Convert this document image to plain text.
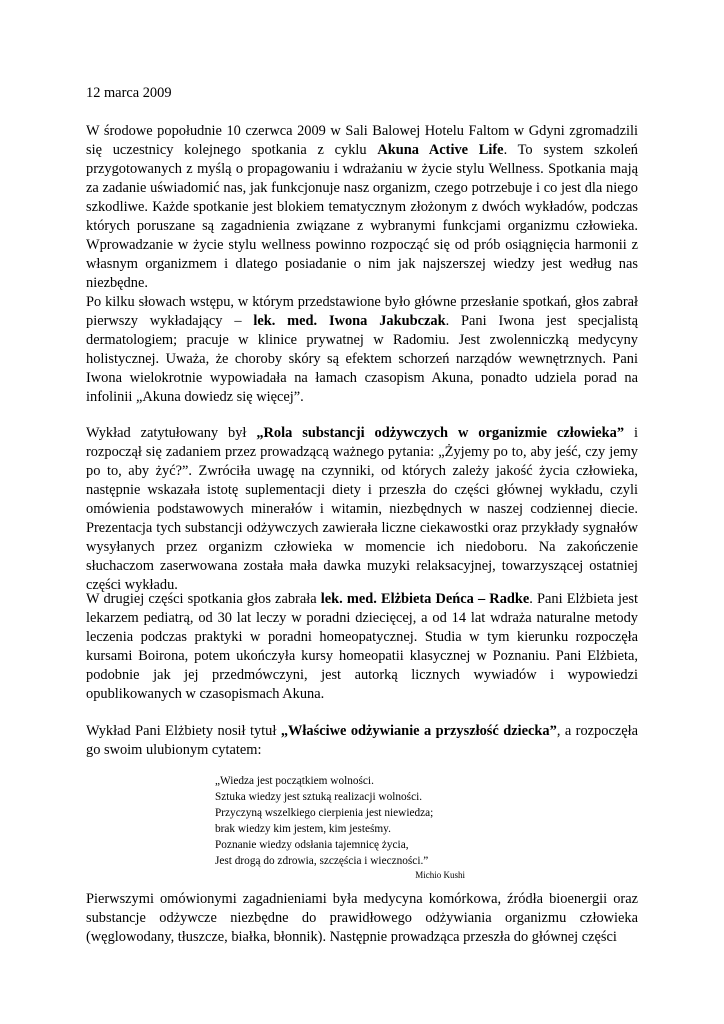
12 marca 2009

W środowe popołudnie 10 czerwca 2009 w Sali Balowej Hotelu Faltom w Gdyni zgromadzili się uczestnicy kolejnego spotkania z cyklu Akuna Active Life. To system szkoleń przygotowanych z myślą o propagowaniu i wdrażaniu w życie stylu Wellness. Spotkania mają za zadanie uświadomić nas, jak funkcjonuje nasz organizm, czego potrzebuje i co jest dla niego szkodliwe. Każde spotkanie jest blokiem tematycznym złożonym z dwóch wykładów, podczas których poruszane są zagadnienia związane z wybranymi funkcjami organizmu człowieka. Wprowadzanie w życie stylu wellness powinno rozpocząć się od prób osiągnięcia harmonii z własnym organizmem i dlatego posiadanie o nim jak najszerszej wiedzy jest według nas niezbędne.

Po kilku słowach wstępu, w którym przedstawione było główne przesłanie spotkań, głos zabrał pierwszy wykładający – lek. med. Iwona Jakubczak. Pani Iwona jest specjalistą dermatologiem; pracuje w klinice prywatnej w Radomiu. Jest zwolenniczką medycyny holistycznej. Uważa, że choroby skóry są efektem schorzeń narządów wewnętrznych. Pani Iwona wielokrotnie wypowiadała na łamach czasopism Akuna, ponadto udziela porad na infolinii „Akuna dowiedz się więcej”.

Wykład zatytułowany był „Rola substancji odżywczych w organizmie człowieka” i rozpoczął się zadaniem przez prowadzącą ważnego pytania: „Żyjemy po to, aby jeść, czy jemy po to, aby żyć?”. Zwróciła uwagę na czynniki, od których zależy jakość życia człowieka, następnie wskazała istotę suplementacji diety i przeszła do części głównej wykładu, czyli omówienia podstawowych minerałów i witamin, niezbędnych w naszej codziennej diecie. Prezentacja tych substancji odżywczych zawierała liczne ciekawostki oraz przykłady sygnałów wysyłanych przez organizm człowieka w momencie ich niedoboru. Na zakończenie słuchaczom zaserwowana została mała dawka muzyki relaksacyjnej, towarzyszącej ostatniej części wykładu.

W drugiej części spotkania głos zabrała lek. med. Elżbieta Deńca – Radke. Pani Elżbieta jest lekarzem pediatrą, od 30 lat leczy w poradni dziecięcej, a od 14 lat wdraża naturalne metody leczenia podczas praktyki w poradni homeopatycznej. Studia w tym kierunku rozpoczęła kursami Boirona, potem ukończyła kursy homeopatii klasycznej w Poznaniu. Pani Elżbieta, podobnie jak jej przedmówczyni, jest autorką licznych wywiadów i wypowiedzi opublikowanych w czasopismach Akuna.

Wykład Pani Elżbiety nosił tytuł „Właściwe odżywianie a przyszłość dziecka”, a rozpoczęła go swoim ulubionym cytatem:

„Wiedza jest początkiem wolności.
Sztuka wiedzy jest sztuką realizacji wolności.
Przyczyną wszelkiego cierpienia jest niewiedza;
brak wiedzy kim jestem, kim jesteśmy.
Poznanie wiedzy odsłania tajemnicę życia,
Jest drogą do zdrowia, szczęścia i wieczności.”
Michio Kushi

Pierwszymi omówionymi zagadnieniami była medycyna komórkowa, źródła bioenergii oraz substancje odżywcze niezbędne do prawidłowego odżywiania organizmu człowieka (węglowodany, tłuszcze, białka, błonnik). Następnie prowadząca przeszła do głównej części
